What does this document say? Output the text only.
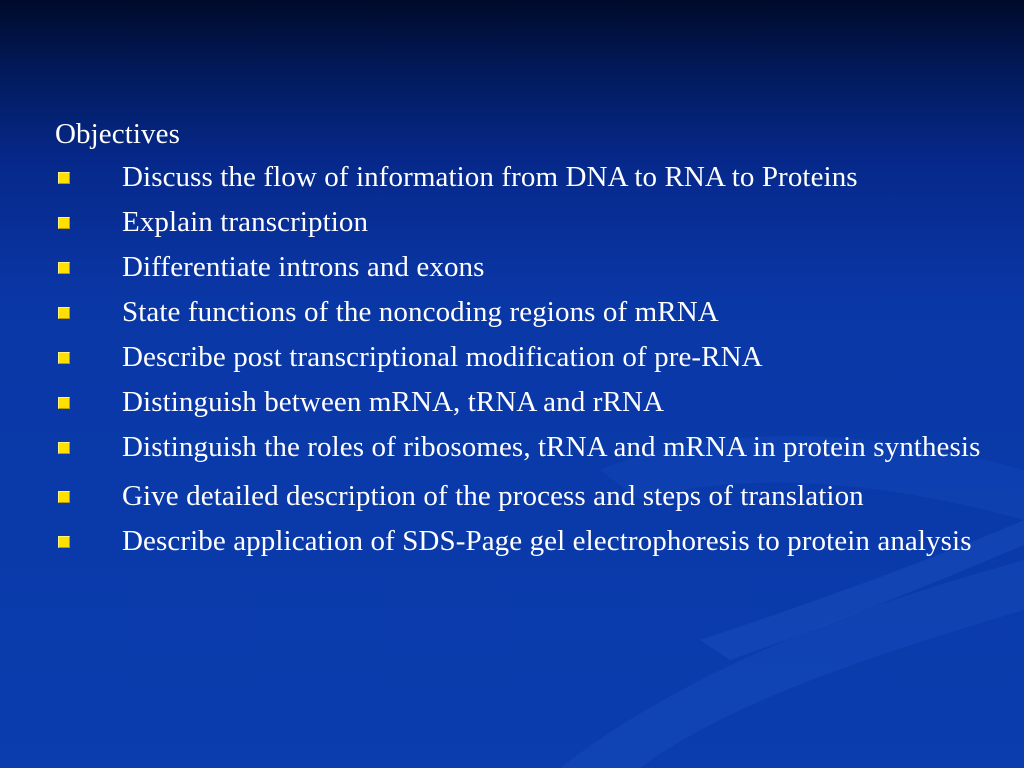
Objectives
Discuss the flow of information from DNA to RNA to Proteins
Explain transcription
Differentiate introns and exons
State functions of the noncoding regions of mRNA
Describe post transcriptional modification of pre-RNA
Distinguish between mRNA, tRNA and rRNA
Distinguish the roles of ribosomes, tRNA and mRNA in protein synthesis
Give detailed description of the process and steps of translation
Describe application of SDS-Page gel electrophoresis to protein analysis
